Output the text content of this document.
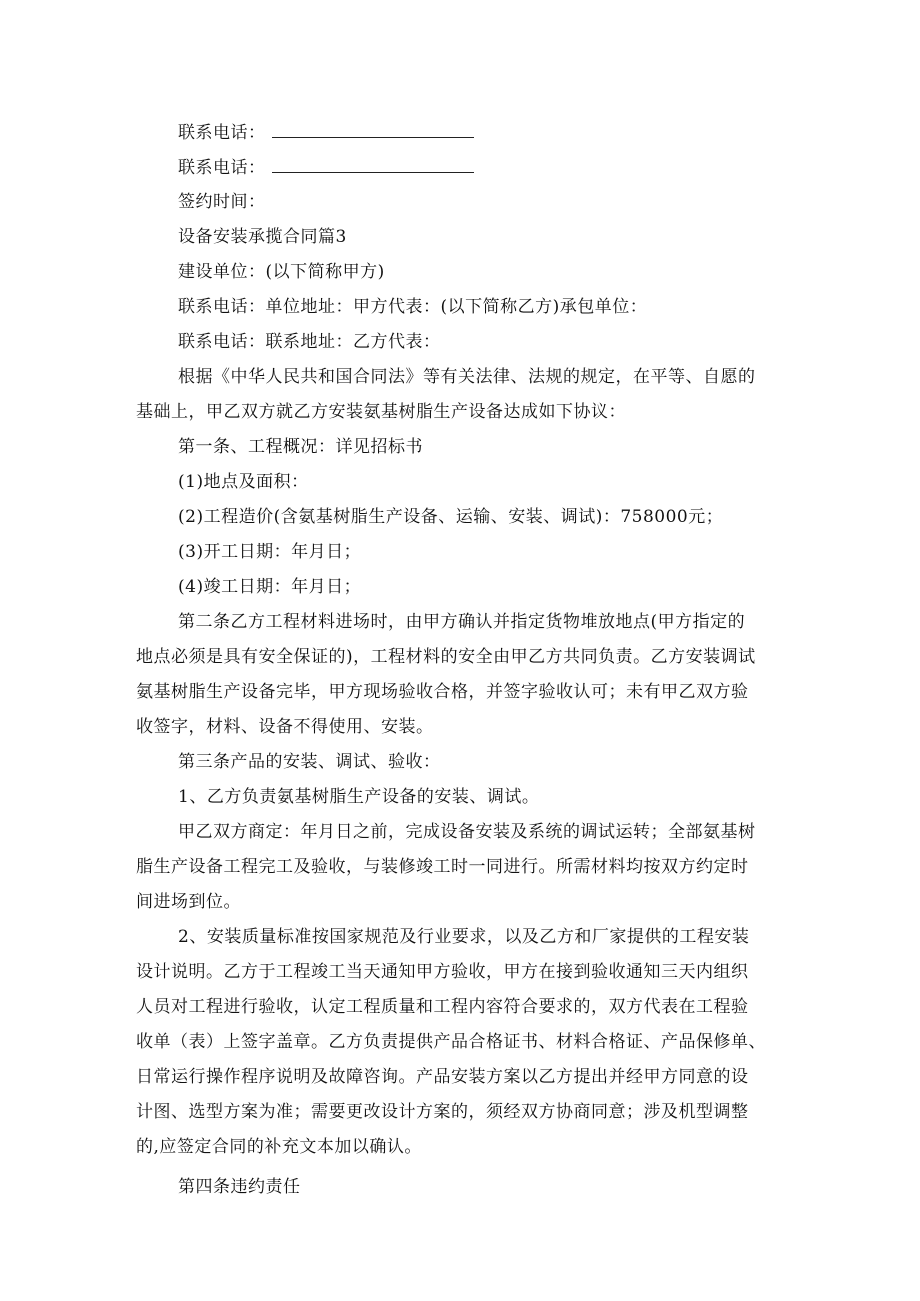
联系电话：
联系电话：
签约时间：
设备安装承揽合同篇3
建设单位：(以下简称甲方)
联系电话：单位地址：甲方代表：(以下简称乙方)承包单位：
联系电话：联系地址：乙方代表：
根据《中华人民共和国合同法》等有关法律、法规的规定，在平等、自愿的
基础上，甲乙双方就乙方安装氨基树脂生产设备达成如下协议：
第一条、工程概况：详见招标书
(1)地点及面积：
(2)工程造价(含氨基树脂生产设备、运输、安装、调试)：758000元；
(3)开工日期：年月日；
(4)竣工日期：年月日；
第二条乙方工程材料进场时，由甲方确认并指定货物堆放地点(甲方指定的
地点必须是具有安全保证的)，工程材料的安全由甲乙方共同负责。乙方安装调试
氨基树脂生产设备完毕，甲方现场验收合格，并签字验收认可；未有甲乙双方验
收签字，材料、设备不得使用、安装。
第三条产品的安装、调试、验收：
1、乙方负责氨基树脂生产设备的安装、调试。
甲乙双方商定：年月日之前，完成设备安装及系统的调试运转；全部氨基树
脂生产设备工程完工及验收，与装修竣工时一同进行。所需材料均按双方约定时
间进场到位。
2、安装质量标准按国家规范及行业要求，以及乙方和厂家提供的工程安装
设计说明。乙方于工程竣工当天通知甲方验收，甲方在接到验收通知三天内组织
人员对工程进行验收，认定工程质量和工程内容符合要求的，双方代表在工程验
收单（表）上签字盖章。乙方负责提供产品合格证书、材料合格证、产品保修单、
日常运行操作程序说明及故障咨询。产品安装方案以乙方提出并经甲方同意的设
计图、选型方案为准；需要更改设计方案的，须经双方协商同意；涉及机型调整
的,应签定合同的补充文本加以确认。
第四条违约责任
